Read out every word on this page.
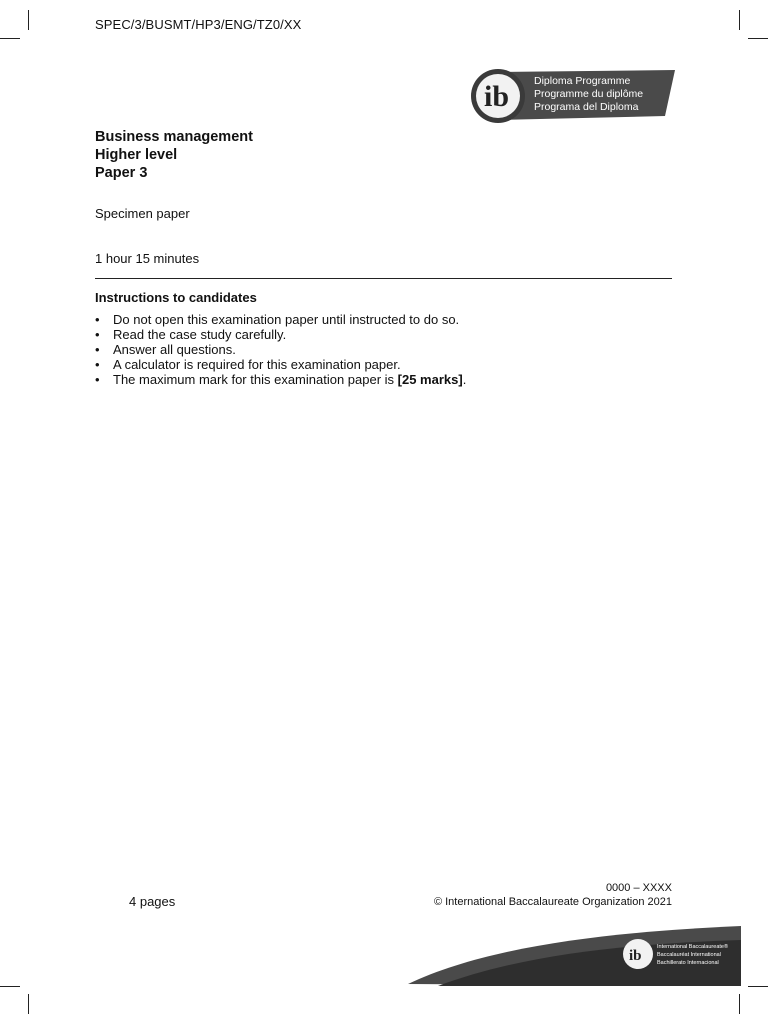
SPEC/3/BUSMT/HP3/ENG/TZ0/XX
ib Diploma Programme
Programme du diplôme
Programa del Diploma
Business management
Higher level
Paper 3
Specimen paper
1 hour 15 minutes
Instructions to candidates
• Do not open this examination paper until instructed to do so.
• Read the case study carefully.
• Answer all questions.
• A calculator is required for this examination paper.
• The maximum mark for this examination paper is [25 marks].
4 pages
0000 – XXXX
© International Baccalaureate Organization 2021
ib
International Baccalaureate®
Baccalauréat International
Bachillerato Internacional
